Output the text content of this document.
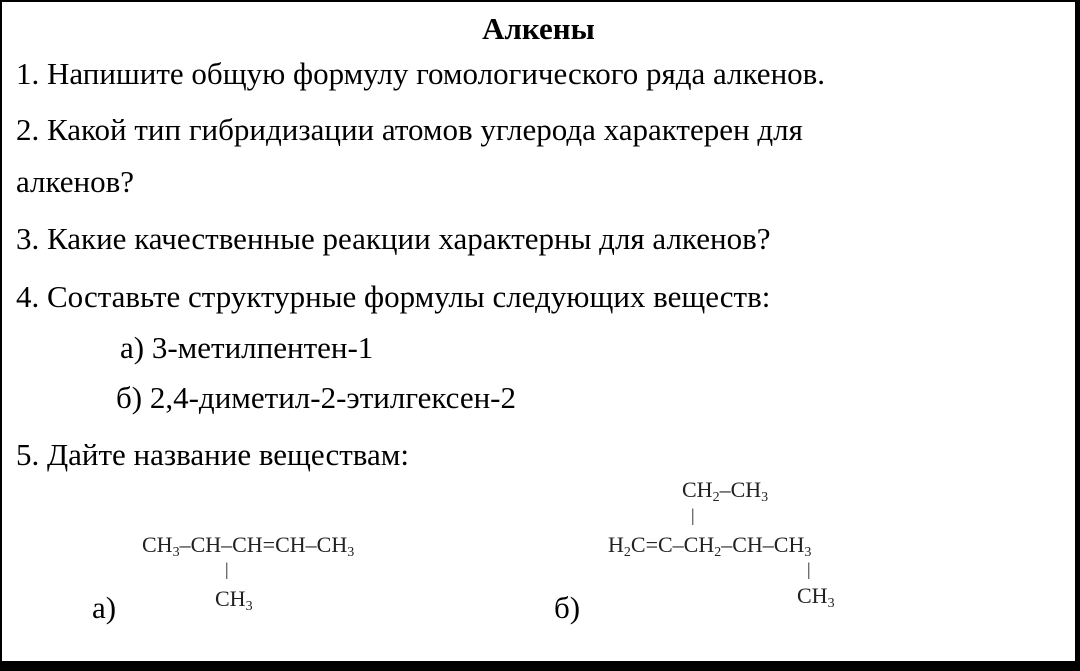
Алкены
1. Напишите общую формулу гомологического ряда алкенов.
2. Какой тип гибридизации атомов углерода характерен для
алкенов?
3. Какие качественные реакции характерны для алкенов?
4. Составьте структурные формулы следующих веществ:
а) 3-метилпентен-1
б) 2,4-диметил-2-этилгексен-2
5. Дайте название веществам:
CH3–CH–CH=CH–CH3
|
CH3
а)
CH2–CH3
|
H2C=C–CH2–CH–CH3
|
CH3
б)
